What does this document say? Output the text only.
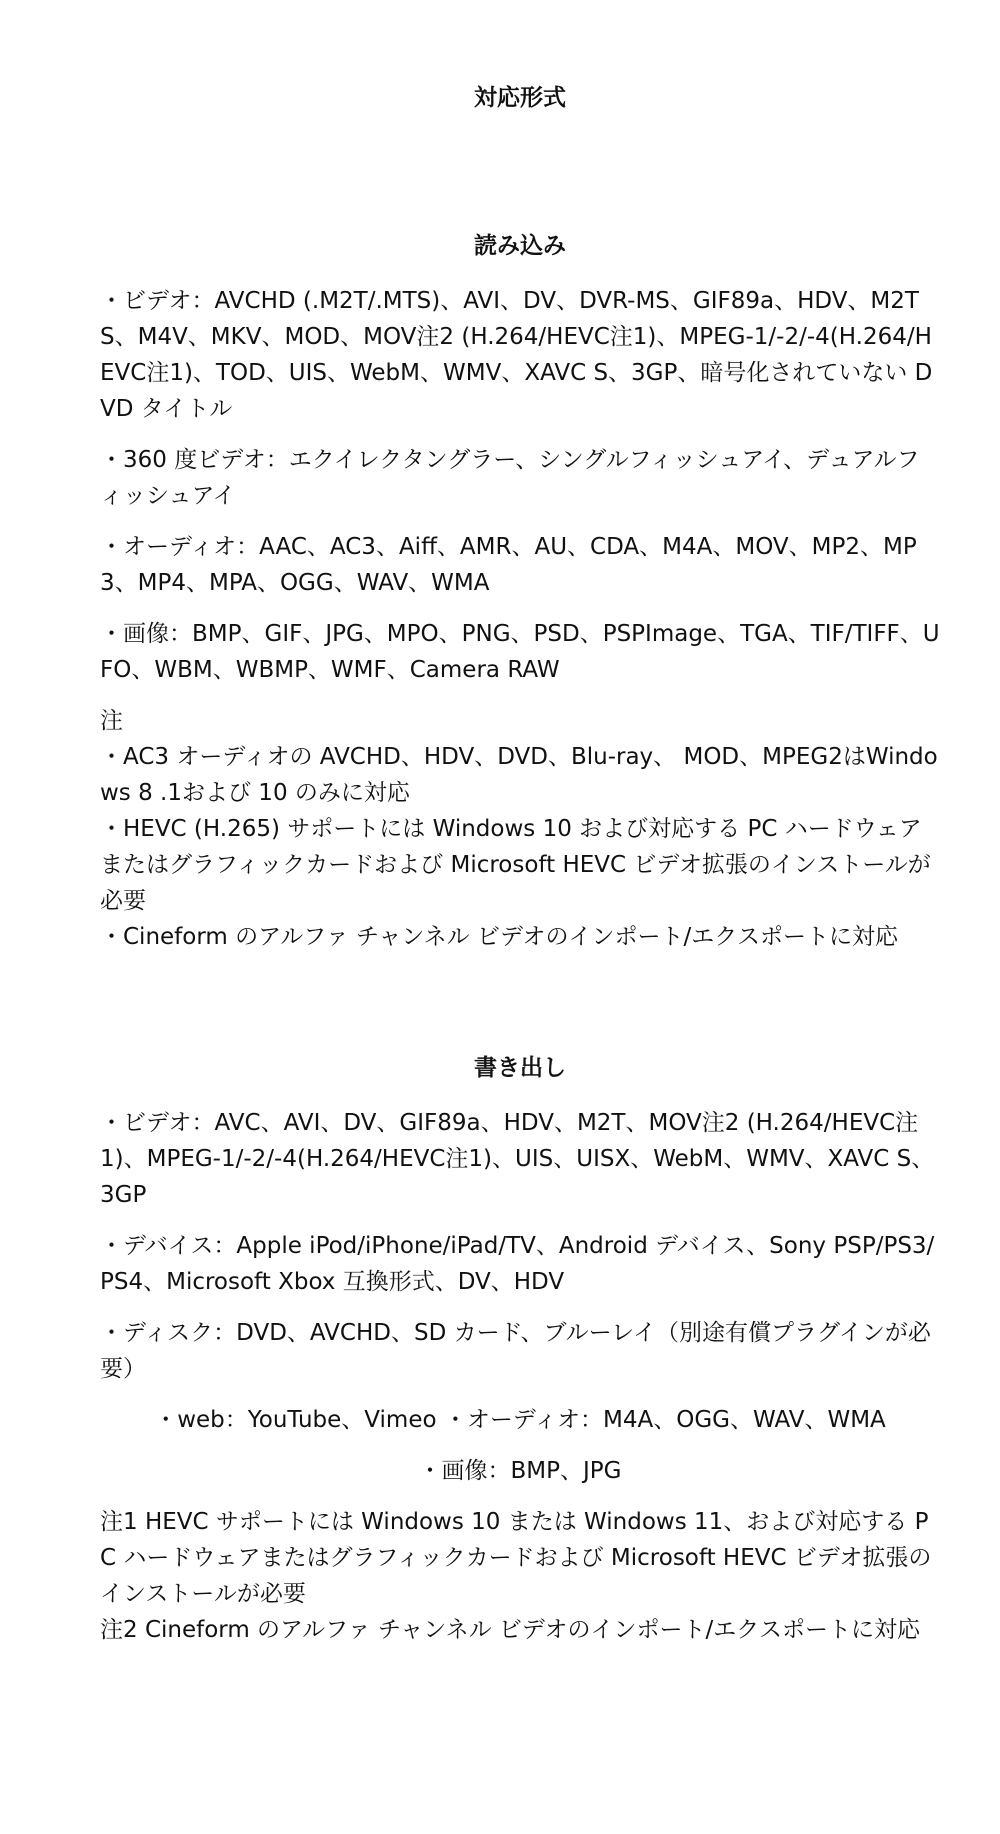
対応形式
読み込み

・ビデオ：AVCHD (.M2T/.MTS)、AVI、DV、DVR-MS、GIF89a、HDV、M2TS、M4V、MKV、MOD、MOV注2 (H.264/HEVC注1)、MPEG-1/-2/-4(H.264/HEVC注1)、TOD、UIS、WebM、WMV、XAVC S、3GP、暗号化されていない DVD タイトル

・360 度ビデオ：エクイレクタングラー、シングルフィッシュアイ、デュアルフィッシュアイ

・オーディオ：AAC、AC3、Aiff、AMR、AU、CDA、M4A、MOV、MP2、MP3、MP4、MPA、OGG、WAV、WMA

・画像：BMP、GIF、JPG、MPO、PNG、PSD、PSPImage、TGA、TIF/TIFF、UFO、WBM、WBMP、WMF、Camera RAW

注

・AC3 オーディオの AVCHD、HDV、DVD、Blu-ray、 MOD、MPEG2はWindows 8 .1および 10 のみに対応

・HEVC (H.265) サポートには Windows 10 および対応する PC ハードウェアまたはグラフィックカードおよび Microsoft HEVC ビデオ拡張のインストールが必要

・Cineform のアルファ チャンネル ビデオのインポート/エクスポートに対応

書き出し

・ビデオ：AVC、AVI、DV、GIF89a、HDV、M2T、MOV注2 (H.264/HEVC注1)、MPEG-1/-2/-4(H.264/HEVC注1)、UIS、UISX、WebM、WMV、XAVC S、3GP

・デバイス：Apple iPod/iPhone/iPad/TV、Android デバイス、Sony PSP/PS3/PS4、Microsoft Xbox 互換形式、DV、HDV

・ディスク：DVD、AVCHD、SD カード、ブルーレイ（別途有償プラグインが必要）

・web：YouTube、Vimeo ・オーディオ：M4A、OGG、WAV、WMA

・画像：BMP、JPG

注1 HEVC サポートには Windows 10 または Windows 11、および対応する PC ハードウェアまたはグラフィックカードおよび Microsoft HEVC ビデオ拡張のインストールが必要

注2 Cineform のアルファ チャンネル ビデオのインポート/エクスポートに対応
